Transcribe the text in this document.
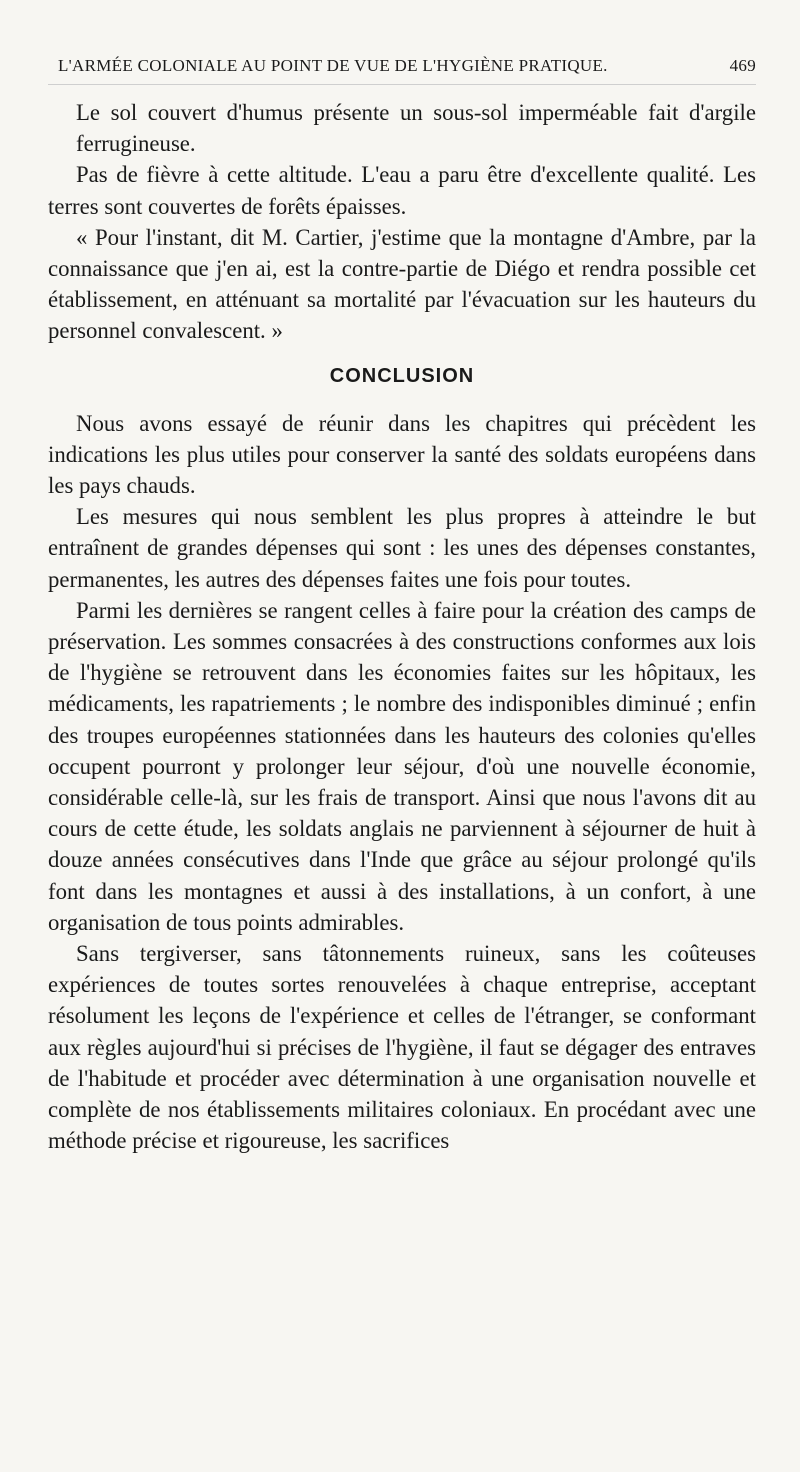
L'ARMÉE COLONIALE AU POINT DE VUE DE L'HYGIÈNE PRATIQUE.	469

Le sol couvert d'humus présente un sous-sol imperméable fait d'argile ferrugineuse.

Pas de fièvre à cette altitude. L'eau a paru être d'excellente qualité. Les terres sont couvertes de forêts épaisses.

« Pour l'instant, dit M. Cartier, j'estime que la montagne d'Ambre, par la connaissance que j'en ai, est la contre-partie de Diégo et rendra possible cet établissement, en atténuant sa mortalité par l'évacuation sur les hauteurs du personnel convalescent. »

CONCLUSION

Nous avons essayé de réunir dans les chapitres qui précèdent les indications les plus utiles pour conserver la santé des soldats européens dans les pays chauds.

Les mesures qui nous semblent les plus propres à atteindre le but entraînent de grandes dépenses qui sont : les unes des dépenses constantes, permanentes, les autres des dépenses faites une fois pour toutes.

Parmi les dernières se rangent celles à faire pour la création des camps de préservation. Les sommes consacrées à des constructions conformes aux lois de l'hygiène se retrouvent dans les économies faites sur les hôpitaux, les médicaments, les rapatriements ; le nombre des indisponibles diminué ; enfin des troupes européennes stationnées dans les hauteurs des colonies qu'elles occupent pourront y prolonger leur séjour, d'où une nouvelle économie, considérable celle-là, sur les frais de transport. Ainsi que nous l'avons dit au cours de cette étude, les soldats anglais ne parviennent à séjourner de huit à douze années consécutives dans l'Inde que grâce au séjour prolongé qu'ils font dans les montagnes et aussi à des installations, à un confort, à une organisation de tous points admirables.

Sans tergiverser, sans tâtonnements ruineux, sans les coûteuses expériences de toutes sortes renouvelées à chaque entreprise, acceptant résolument les leçons de l'expérience et celles de l'étranger, se conformant aux règles aujourd'hui si précises de l'hygiène, il faut se dégager des entraves de l'habitude et procéder avec détermination à une organisation nouvelle et complète de nos établissements militaires coloniaux. En procédant avec une méthode précise et rigoureuse, les sacrifices
